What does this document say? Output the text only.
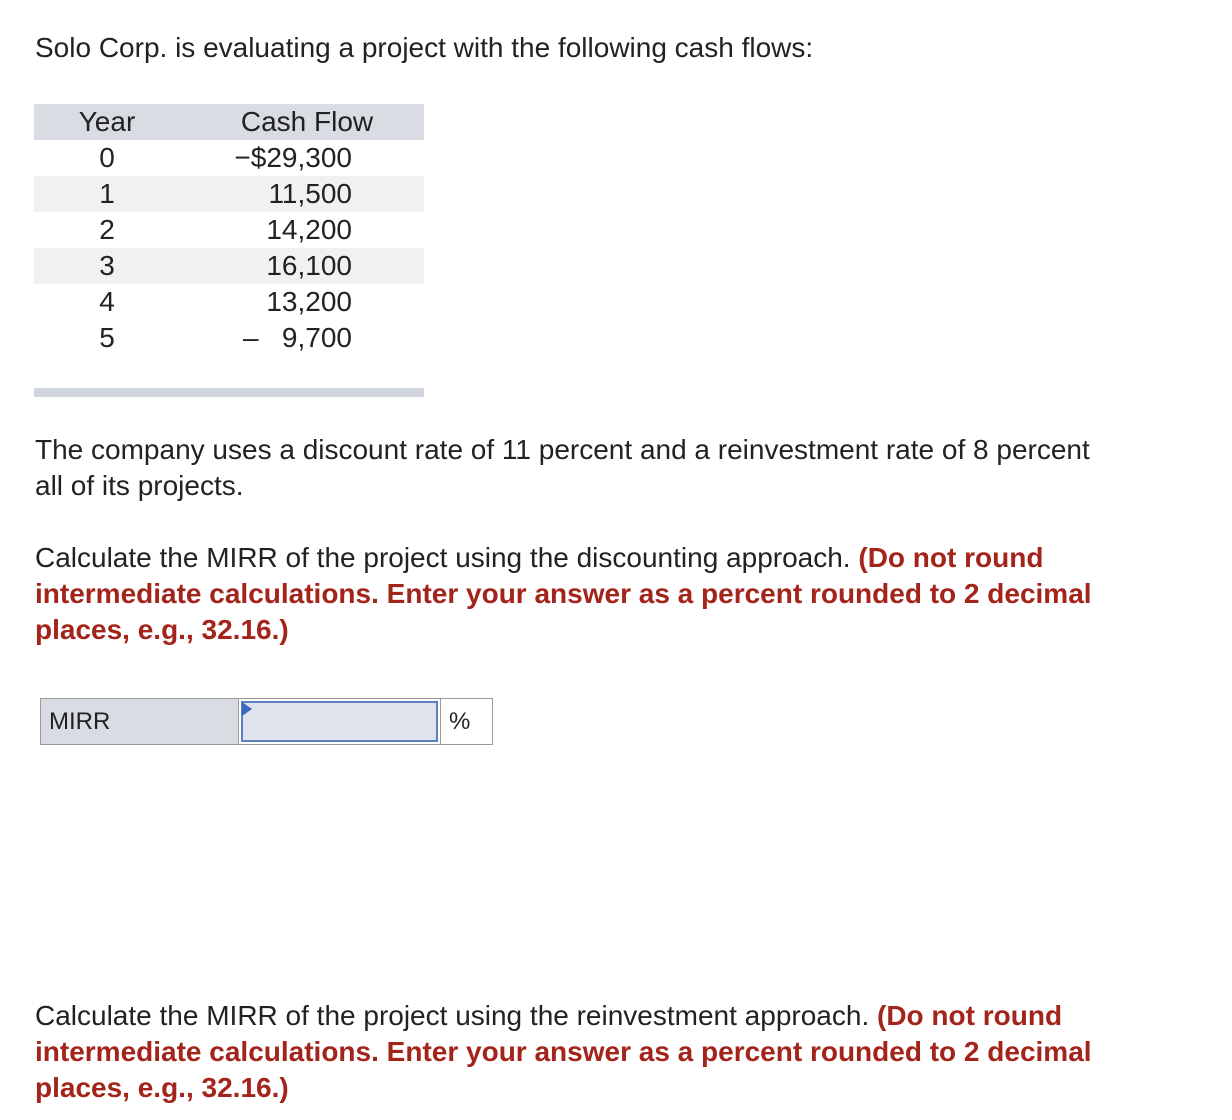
Solo Corp. is evaluating a project with the following cash flows:

Year	Cash Flow
0	−$29,300
1	11,500
2	14,200
3	16,100
4	13,200
5	–   9,700

The company uses a discount rate of 11 percent and a reinvestment rate of 8 percent
all of its projects.

Calculate the MIRR of the project using the discounting approach. (Do not round
intermediate calculations. Enter your answer as a percent rounded to 2 decimal
places, e.g., 32.16.)

MIRR	%

Calculate the MIRR of the project using the reinvestment approach. (Do not round
intermediate calculations. Enter your answer as a percent rounded to 2 decimal
places, e.g., 32.16.)
